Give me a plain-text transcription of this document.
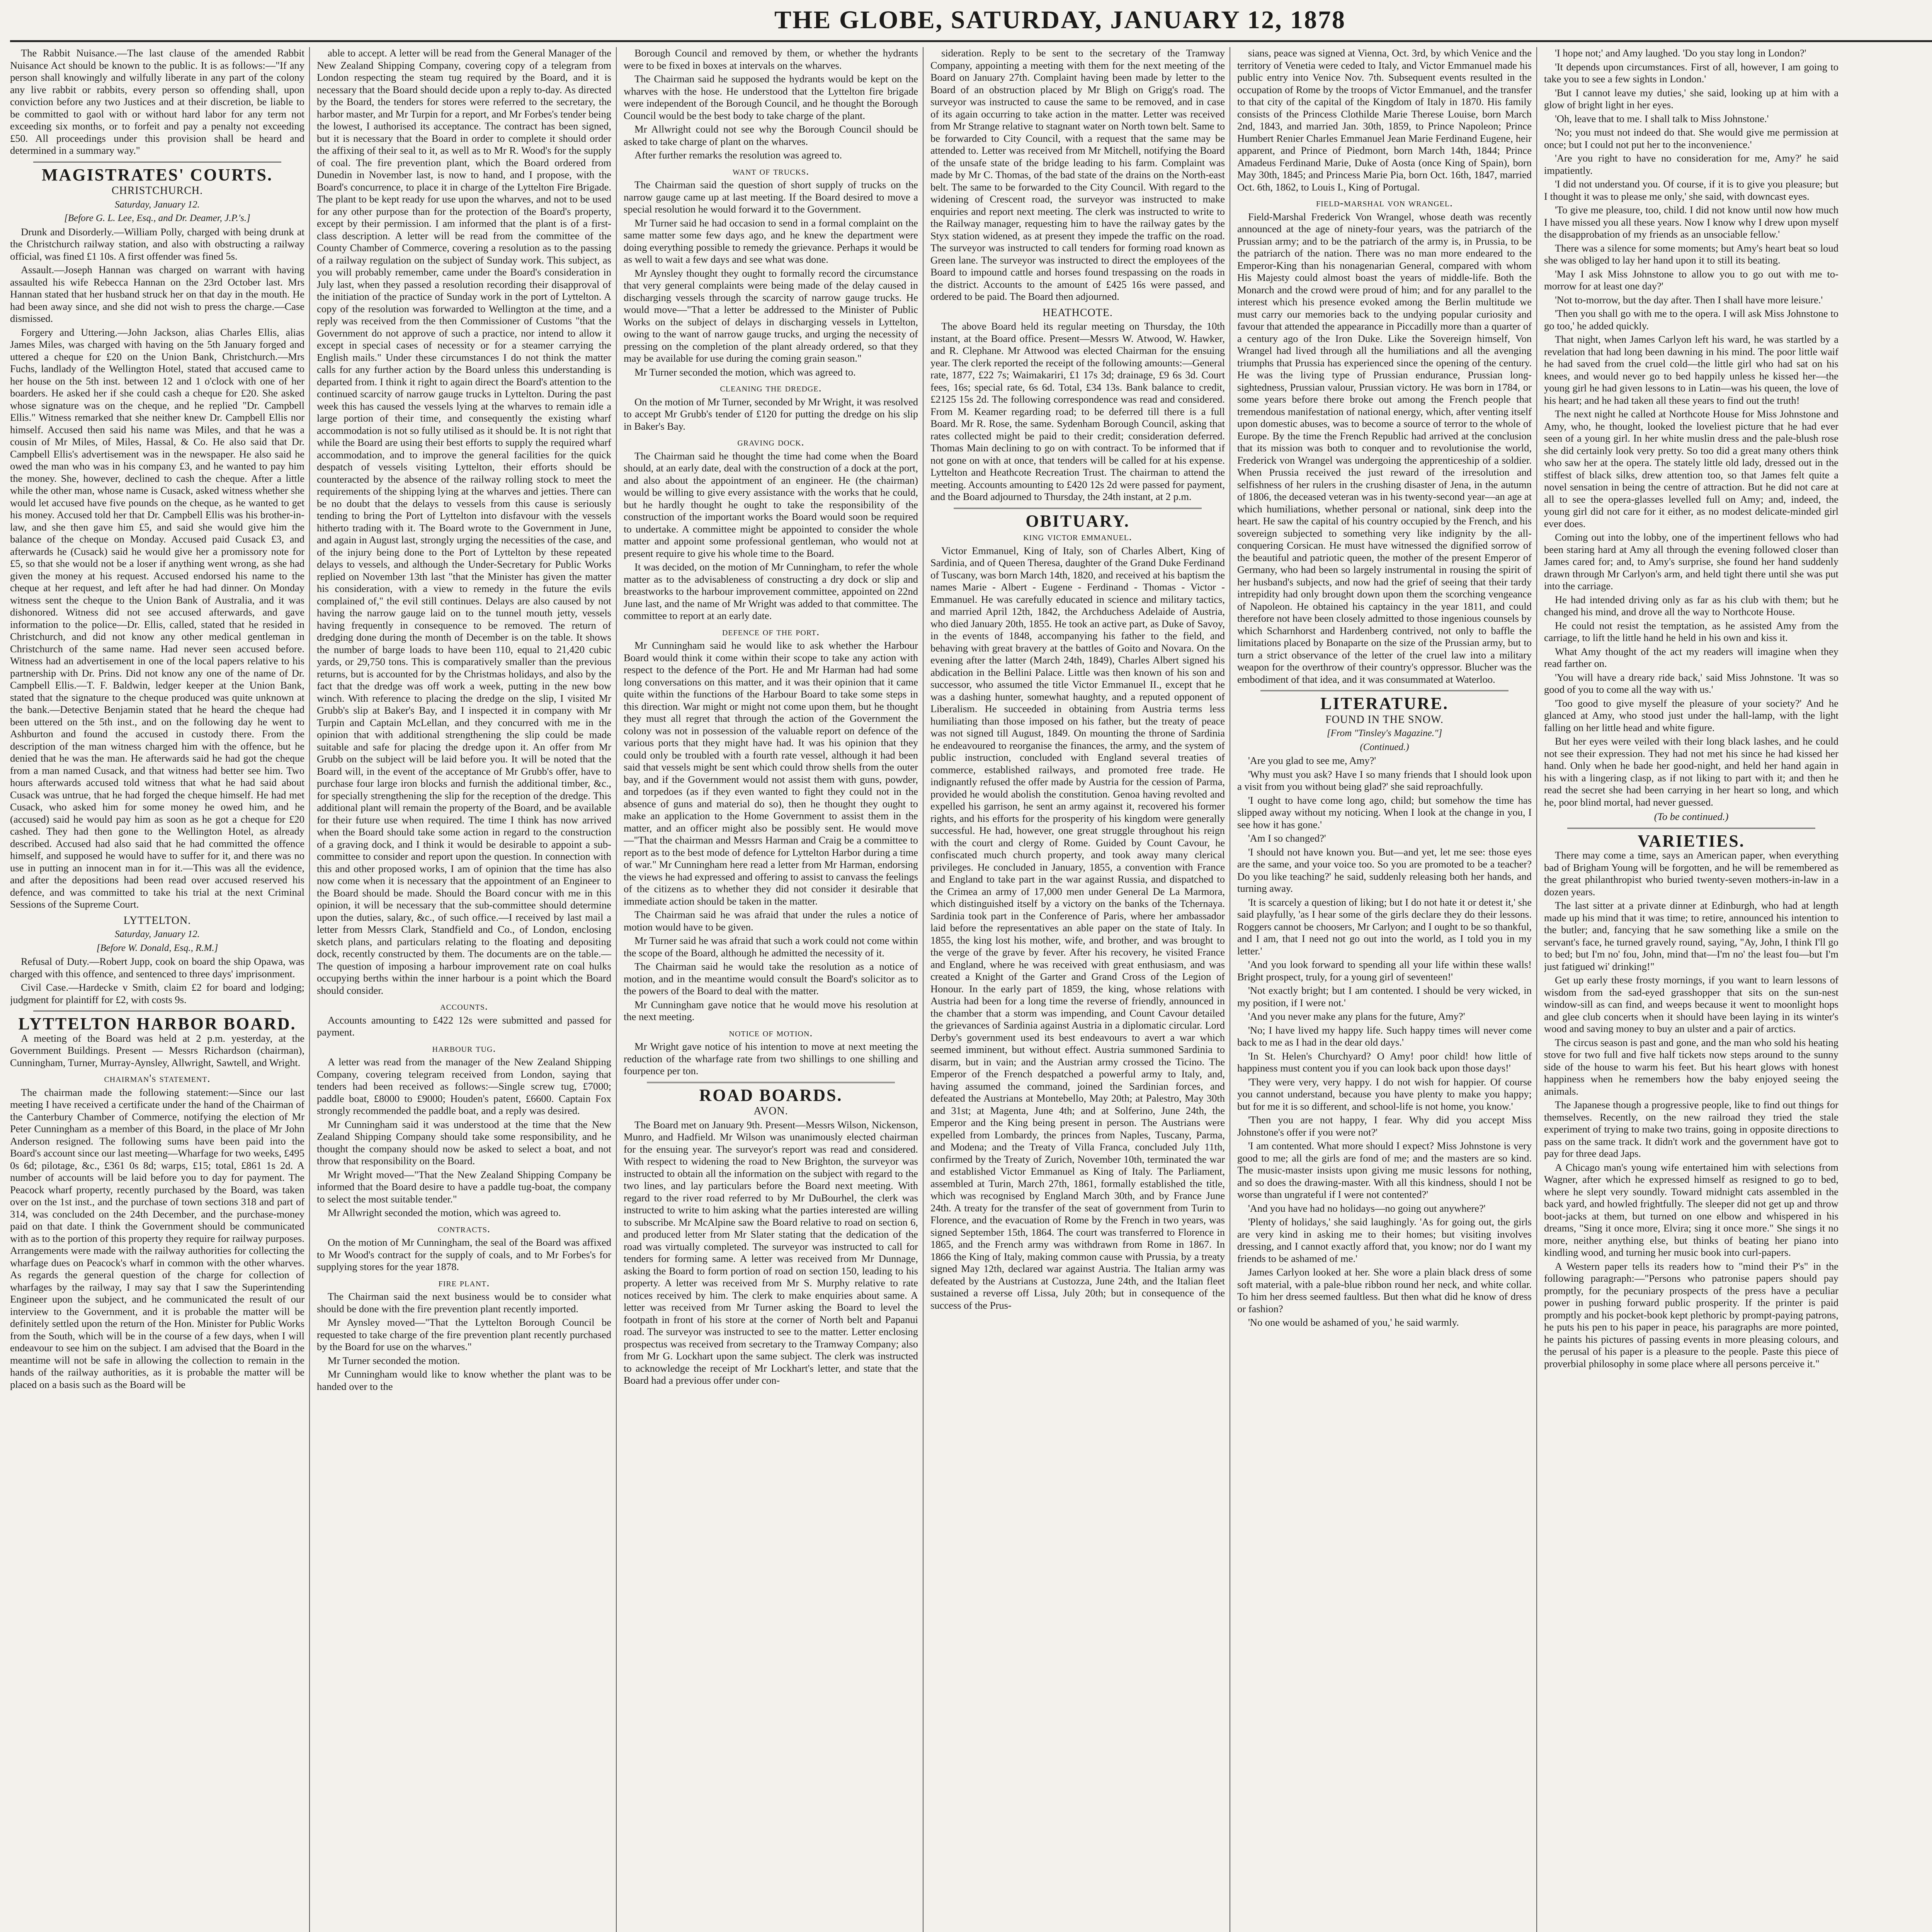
THE GLOBE, SATURDAY, JANUARY 12, 1878

The Rabbit Nuisance.—The last clause of the amended Rabbit Nuisance Act should be known to the public. It is as follows:—"If any person shall knowingly and wilfully liberate in any part of the colony any live rabbit or rabbits, every person so offending shall, upon conviction before any two Justices and at their discretion, be liable to be committed to gaol with or without hard labor for any term not exceeding six months, or to forfeit and pay a penalty not exceeding £50. All proceedings under this provision shall be heard and determined in a summary way."

MAGISTRATES' COURTS.
CHRISTCHURCH.
Saturday, January 12.
[Before G. L. Lee, Esq., and Dr. Deamer, J.P.'s.]

Drunk and Disorderly.—William Polly, charged with being drunk at the Christchurch railway station, and also with obstructing a railway official, was fined £1 10s. A first offender was fined 5s.

Assault.—Joseph Hannan was charged on warrant with having assaulted his wife Rebecca Hannan on the 23rd October last. Mrs Hannan stated that her husband struck her on that day in the mouth. He had been away since, and she did not wish to press the charge.—Case dismissed.

Forgery and Uttering.—John Jackson, alias Charles Ellis, alias James Miles, was charged with having on the 5th January forged and uttered a cheque for £20 on the Union Bank, Christchurch.—Mrs Fuchs, landlady of the Wellington Hotel, stated that accused came to her house on the 5th inst. between 12 and 1 o'clock with one of her boarders. He asked her if she could cash a cheque for £20. She asked whose signature was on the cheque, and he replied "Dr. Campbell Ellis." Witness remarked that she neither knew Dr. Campbell Ellis nor himself. Accused then said his name was Miles, and that he was a cousin of Mr Miles, of Miles, Hassal, & Co. He also said that Dr. Campbell Ellis's advertisement was in the newspaper. He also said he owed the man who was in his company £3, and he wanted to pay him the money. She, however, declined to cash the cheque. After a little while the other man, whose name is Cusack, asked witness whether she would let accused have five pounds on the cheque, as he wanted to get his money. Accused told her that Dr. Campbell Ellis was his brother-in-law, and she then gave him £5, and said she would give him the balance of the cheque on Monday. Accused paid Cusack £3, and afterwards he (Cusack) said he would give her a promissory note for £5, so that she would not be a loser if anything went wrong, as she had given the money at his request. Accused endorsed his name to the cheque at her request, and left after he had had dinner. On Monday witness sent the cheque to the Union Bank of Australia, and it was dishonored. Witness did not see accused afterwards, and gave information to the police—Dr. Ellis, called, stated that he resided in Christchurch, and did not know any other medical gentleman in Christchurch of the same name. Had never seen accused before. Witness had an advertisement in one of the local papers relative to his partnership with Dr. Prins. Did not know any one of the name of Dr. Campbell Ellis.—T. F. Baldwin, ledger keeper at the Union Bank, stated that the signature to the cheque produced was quite unknown at the bank.—Detective Benjamin stated that he heard the cheque had been uttered on the 5th inst., and on the following day he went to Ashburton and found the accused in custody there. From the description of the man witness charged him with the offence, but he denied that he was the man. He afterwards said he had got the cheque from a man named Cusack, and that witness had better see him. Two hours afterwards accused told witness that what he had said about Cusack was untrue, that he had forged the cheque himself. He had met Cusack, who asked him for some money he owed him, and he (accused) said he would pay him as soon as he got a cheque for £20 cashed. They had then gone to the Wellington Hotel, as already described. Accused had also said that he had committed the offence himself, and supposed he would have to suffer for it, and there was no use in putting an innocent man in for it.—This was all the evidence, and after the depositions had been read over accused reserved his defence, and was committed to take his trial at the next Criminal Sessions of the Supreme Court.

LYTTELTON.
Saturday, January 12.
[Before W. Donald, Esq., R.M.]

Refusal of Duty.—Robert Jupp, cook on board the ship Opawa, was charged with this offence, and sentenced to three days' imprisonment.

Civil Case.—Hardecke v Smith, claim £2 for board and lodging; judgment for plaintiff for £2, with costs 9s.

LYTTELTON HARBOR BOARD.

A meeting of the Board was held at 2 p.m. yesterday, at the Government Buildings. Present — Messrs Richardson (chairman), Cunningham, Turner, Murray-Aynsley, Allwright, Sawtell, and Wright.

chairman's statement.

The chairman made the following statement:—Since our last meeting I have received a certificate under the hand of the Chairman of the Canterbury Chamber of Commerce, notifying the election of Mr Peter Cunningham as a member of this Board, in the place of Mr John Anderson resigned. The following sums have been paid into the Board's account since our last meeting—Wharfage for two weeks, £495 0s 6d; pilotage, &c., £361 0s 8d; warps, £15; total, £861 1s 2d. A number of accounts will be laid before you to day for payment. The Peacock wharf property, recently purchased by the Board, was taken over on the 1st inst., and the purchase of town sections 318 and part of 314, was concluded on the 24th December, and the purchase-money paid on that date. I think the Government should be communicated with as to the portion of this property they require for railway purposes. Arrangements were made with the railway authorities for collecting the wharfage dues on Peacock's wharf in common with the other wharves. As regards the general question of the charge for collection of wharfages by the railway, I may say that I saw the Superintending Engineer upon the subject, and he communicated the result of our interview to the Government, and it is probable the matter will be definitely settled upon the return of the Hon. Minister for Public Works from the South, which will be in the course of a few days, when I will endeavour to see him on the subject. I am advised that the Board in the meantime will not be safe in allowing the collection to remain in the hands of the railway authorities, as it is probable the matter will be placed on a basis such as the Board will be

able to accept. A letter will be read from the General Manager of the New Zealand Shipping Company, covering copy of a telegram from London respecting the steam tug required by the Board, and it is necessary that the Board should decide upon a reply to-day. As directed by the Board, the tenders for stores were referred to the secretary, the harbor master, and Mr Turpin for a report, and Mr Forbes's tender being the lowest, I authorised its acceptance. The contract has been signed, but it is necessary that the Board in order to complete it should order the affixing of their seal to it, as well as to Mr R. Wood's for the supply of coal. The fire prevention plant, which the Board ordered from Dunedin in November last, is now to hand, and I propose, with the Board's concurrence, to place it in charge of the Lyttelton Fire Brigade. The plant to be kept ready for use upon the wharves, and not to be used for any other purpose than for the protection of the Board's property, except by their permission. I am informed that the plant is of a first-class description. A letter will be read from the committee of the County Chamber of Commerce, covering a resolution as to the passing of a railway regulation on the subject of Sunday work. This subject, as you will probably remember, came under the Board's consideration in July last, when they passed a resolution recording their disapproval of the initiation of the practice of Sunday work in the port of Lyttelton. A copy of the resolution was forwarded to Wellington at the time, and a reply was received from the then Commissioner of Customs "that the Government do not approve of such a practice, nor intend to allow it except in special cases of necessity or for a steamer carrying the English mails." Under these circumstances I do not think the matter calls for any further action by the Board unless this understanding is departed from. I think it right to again direct the Board's attention to the continued scarcity of narrow gauge trucks in Lyttelton. During the past week this has caused the vessels lying at the wharves to remain idle a large portion of their time, and consequently the existing wharf accommodation is not so fully utilised as it should be. It is not right that while the Board are using their best efforts to supply the required wharf accommodation, and to improve the general facilities for the quick despatch of vessels visiting Lyttelton, their efforts should be counteracted by the absence of the railway rolling stock to meet the requirements of the shipping lying at the wharves and jetties. There can be no doubt that the delays to vessels from this cause is seriously tending to bring the Port of Lyttelton into disfavour with the vessels hitherto trading with it. The Board wrote to the Government in June, and again in August last, strongly urging the necessities of the case, and of the injury being done to the Port of Lyttelton by these repeated delays to vessels, and although the Under-Secretary for Public Works replied on November 13th last "that the Minister has given the matter his consideration, with a view to remedy in the future the evils complained of," the evil still continues. Delays are also caused by not having the narrow gauge laid on to the tunnel mouth jetty, vessels having frequently in consequence to be removed. The return of dredging done during the month of December is on the table. It shows the number of barge loads to have been 110, equal to 21,420 cubic yards, or 29,750 tons. This is comparatively smaller than the previous returns, but is accounted for by the Christmas holidays, and also by the fact that the dredge was off work a week, putting in the new bow winch. With reference to placing the dredge on the slip, I visited Mr Grubb's slip at Baker's Bay, and I inspected it in company with Mr Turpin and Captain McLellan, and they concurred with me in the opinion that with additional strengthening the slip could be made suitable and safe for placing the dredge upon it. An offer from Mr Grubb on the subject will be laid before you. It will be noted that the Board will, in the event of the acceptance of Mr Grubb's offer, have to purchase four large iron blocks and furnish the additional timber, &c., for specially strengthening the slip for the reception of the dredge. This additional plant will remain the property of the Board, and be available for their future use when required. The time I think has now arrived when the Board should take some action in regard to the construction of a graving dock, and I think it would be desirable to appoint a sub-committee to consider and report upon the question. In connection with this and other proposed works, I am of opinion that the time has also now come when it is necessary that the appointment of an Engineer to the Board should be made. Should the Board concur with me in this opinion, it will be necessary that the sub-committee should determine upon the duties, salary, &c., of such office.—I received by last mail a letter from Messrs Clark, Standfield and Co., of London, enclosing sketch plans, and particulars relating to the floating and depositing dock, recently constructed by them. The documents are on the table.—The question of imposing a harbour improvement rate on coal hulks occupying berths within the inner harbour is a point which the Board should consider.

accounts.

Accounts amounting to £422 12s were submitted and passed for payment.

harbour tug.

A letter was read from the manager of the New Zealand Shipping Company, covering telegram received from London, saying that tenders had been received as follows:—Single screw tug, £7000; paddle boat, £8000 to £9000; Houden's patent, £6600. Captain Fox strongly recommended the paddle boat, and a reply was desired.

Mr Cunningham said it was understood at the time that the New Zealand Shipping Company should take some responsibility, and he thought the company should now be asked to select a boat, and not throw that responsibility on the Board.

Mr Wright moved—"That the New Zealand Shipping Company be informed that the Board desire to have a paddle tug-boat, the company to select the most suitable tender."

Mr Allwright seconded the motion, which was agreed to.

contracts.

On the motion of Mr Cunningham, the seal of the Board was affixed to Mr Wood's contract for the supply of coals, and to Mr Forbes's for supplying stores for the year 1878.

fire plant.

The Chairman said the next business would be to consider what should be done with the fire prevention plant recently imported.

Mr Aynsley moved—"That the Lyttelton Borough Council be requested to take charge of the fire prevention plant recently purchased by the Board for use on the wharves."

Mr Turner seconded the motion.

Mr Cunningham would like to know whether the plant was to be handed over to the

Borough Council and removed by them, or whether the hydrants were to be fixed in boxes at intervals on the wharves.

The Chairman said he supposed the hydrants would be kept on the wharves with the hose. He understood that the Lyttelton fire brigade were independent of the Borough Council, and he thought the Borough Council would be the best body to take charge of the plant.

Mr Allwright could not see why the Borough Council should be asked to take charge of plant on the wharves.

After further remarks the resolution was agreed to.

want of trucks.

The Chairman said the question of short supply of trucks on the narrow gauge came up at last meeting. If the Board desired to move a special resolution he would forward it to the Government.

Mr Turner said he had occasion to send in a formal complaint on the same matter some few days ago, and he knew the department were doing everything possible to remedy the grievance. Perhaps it would be as well to wait a few days and see what was done.

Mr Aynsley thought they ought to formally record the circumstance that very general complaints were being made of the delay caused in discharging vessels through the scarcity of narrow gauge trucks. He would move—"That a letter be addressed to the Minister of Public Works on the subject of delays in discharging vessels in Lyttelton, owing to the want of narrow gauge trucks, and urging the necessity of pressing on the completion of the plant already ordered, so that they may be available for use during the coming grain season."

Mr Turner seconded the motion, which was agreed to.

cleaning the dredge.

On the motion of Mr Turner, seconded by Mr Wright, it was resolved to accept Mr Grubb's tender of £120 for putting the dredge on his slip in Baker's Bay.

graving dock.

The Chairman said he thought the time had come when the Board should, at an early date, deal with the construction of a dock at the port, and also about the appointment of an engineer. He (the chairman) would be willing to give every assistance with the works that he could, but he hardly thought he ought to take the responsibility of the construction of the important works the Board would soon be required to undertake. A committee might be appointed to consider the whole matter and appoint some professional gentleman, who would not at present require to give his whole time to the Board.

It was decided, on the motion of Mr Cunningham, to refer the whole matter as to the advisableness of constructing a dry dock or slip and breastworks to the harbour improvement committee, appointed on 22nd June last, and the name of Mr Wright was added to that committee. The committee to report at an early date.

defence of the port.

Mr Cunningham said he would like to ask whether the Harbour Board would think it come within their scope to take any action with respect to the defence of the Port. He and Mr Harman had had some long conversations on this matter, and it was their opinion that it came quite within the functions of the Harbour Board to take some steps in this direction. War might or might not come upon them, but he thought they must all regret that through the action of the Government the colony was not in possession of the valuable report on defence of the various ports that they might have had. It was his opinion that they could only be troubled with a fourth rate vessel, although it had been said that vessels might be sent which could throw shells from the outer bay, and if the Government would not assist them with guns, powder, and torpedoes (as if they even wanted to fight they could not in the absence of guns and material do so), then he thought they ought to make an application to the Home Government to assist them in the matter, and an officer might also be possibly sent. He would move—"That the chairman and Messrs Harman and Craig be a committee to report as to the best mode of defence for Lyttelton Harbor during a time of war." Mr Cunningham here read a letter from Mr Harman, endorsing the views he had expressed and offering to assist to canvass the feelings of the citizens as to whether they did not consider it desirable that immediate action should be taken in the matter.

The Chairman said he was afraid that under the rules a notice of motion would have to be given.

Mr Turner said he was afraid that such a work could not come within the scope of the Board, although he admitted the necessity of it.

The Chairman said he would take the resolution as a notice of motion, and in the meantime would consult the Board's solicitor as to the powers of the Board to deal with the matter.

Mr Cunningham gave notice that he would move his resolution at the next meeting.

notice of motion.

Mr Wright gave notice of his intention to move at next meeting the reduction of the wharfage rate from two shillings to one shilling and fourpence per ton.

ROAD BOARDS.
AVON.

The Board met on January 9th. Present—Messrs Wilson, Nickenson, Munro, and Hadfield. Mr Wilson was unanimously elected chairman for the ensuing year. The surveyor's report was read and considered. With respect to widening the road to New Brighton, the surveyor was instructed to obtain all the information on the subject with regard to the two lines, and lay particulars before the Board next meeting. With regard to the river road referred to by Mr DuBourhel, the clerk was instructed to write to him asking what the parties interested are willing to subscribe. Mr McAlpine saw the Board relative to road on section 6, and produced letter from Mr Slater stating that the dedication of the road was virtually completed. The surveyor was instructed to call for tenders for forming same. A letter was received from Mr Dunnage, asking the Board to form portion of road on section 150, leading to his property. A letter was received from Mr S. Murphy relative to rate notices received by him. The clerk to make enquiries about same. A letter was received from Mr Turner asking the Board to level the footpath in front of his store at the corner of North belt and Papanui road. The surveyor was instructed to see to the matter. Letter enclosing prospectus was received from secretary to the Tramway Company; also from Mr G. Lockhart upon the same subject. The clerk was instructed to acknowledge the receipt of Mr Lockhart's letter, and state that the Board had a previous offer under con-

sideration. Reply to be sent to the secretary of the Tramway Company, appointing a meeting with them for the next meeting of the Board on January 27th. Complaint having been made by letter to the Board of an obstruction placed by Mr Bligh on Grigg's road. The surveyor was instructed to cause the same to be removed, and in case of its again occurring to take action in the matter. Letter was received from Mr Strange relative to stagnant water on North town belt. Same to be forwarded to City Council, with a request that the same may be attended to. Letter was received from Mr Mitchell, notifying the Board of the unsafe state of the bridge leading to his farm. Complaint was made by Mr C. Thomas, of the bad state of the drains on the North-east belt. The same to be forwarded to the City Council. With regard to the widening of Crescent road, the surveyor was instructed to make enquiries and report next meeting. The clerk was instructed to write to the Railway manager, requesting him to have the railway gates by the Styx station widened, as at present they impede the traffic on the road. The surveyor was instructed to call tenders for forming road known as Green lane. The surveyor was instructed to direct the employees of the Board to impound cattle and horses found trespassing on the roads in the district. Accounts to the amount of £425 16s were passed, and ordered to be paid. The Board then adjourned.

HEATHCOTE.

The above Board held its regular meeting on Thursday, the 10th instant, at the Board office. Present—Messrs W. Atwood, W. Hawker, and R. Clephane. Mr Attwood was elected Chairman for the ensuing year. The clerk reported the receipt of the following amounts:—General rate, 1877, £22 7s; Waimakariri, £1 17s 3d; drainage, £9 6s 3d. Court fees, 16s; special rate, 6s 6d. Total, £34 13s. Bank balance to credit, £2125 15s 2d. The following correspondence was read and considered. From M. Keamer regarding road; to be deferred till there is a full Board. Mr R. Rose, the same. Sydenham Borough Council, asking that rates collected might be paid to their credit; consideration deferred. Thomas Main declining to go on with contract. To be informed that if not gone on with at once, that tenders will be called for at his expense. Lyttelton and Heathcote Recreation Trust. The chairman to attend the meeting. Accounts amounting to £420 12s 2d were passed for payment, and the Board adjourned to Thursday, the 24th instant, at 2 p.m.

OBITUARY.
king victor emmanuel.

Victor Emmanuel, King of Italy, son of Charles Albert, King of Sardinia, and of Queen Theresa, daughter of the Grand Duke Ferdinand of Tuscany, was born March 14th, 1820, and received at his baptism the names Marie - Albert - Eugene - Ferdinand - Thomas - Victor - Emmanuel. He was carefully educated in science and military tactics, and married April 12th, 1842, the Archduchess Adelaide of Austria, who died January 20th, 1855. He took an active part, as Duke of Savoy, in the events of 1848, accompanying his father to the field, and behaving with great bravery at the battles of Goito and Novara. On the evening after the latter (March 24th, 1849), Charles Albert signed his abdication in the Bellini Palace. Little was then known of his son and successor, who assumed the title Victor Emmanuel II., except that he was a dashing hunter, somewhat haughty, and a reputed opponent of Liberalism. He succeeded in obtaining from Austria terms less humiliating than those imposed on his father, but the treaty of peace was not signed till August, 1849. On mounting the throne of Sardinia he endeavoured to reorganise the finances, the army, and the system of public instruction, concluded with England several treaties of commerce, established railways, and promoted free trade. He indignantly refused the offer made by Austria for the cession of Parma, provided he would abolish the constitution. Genoa having revolted and expelled his garrison, he sent an army against it, recovered his former rights, and his efforts for the prosperity of his kingdom were generally successful. He had, however, one great struggle throughout his reign with the court and clergy of Rome. Guided by Count Cavour, he confiscated much church property, and took away many clerical privileges. He concluded in January, 1855, a convention with France and England to take part in the war against Russia, and dispatched to the Crimea an army of 17,000 men under General De La Marmora, which distinguished itself by a victory on the banks of the Tchernaya. Sardinia took part in the Conference of Paris, where her ambassador laid before the representatives an able paper on the state of Italy. In 1855, the king lost his mother, wife, and brother, and was brought to the verge of the grave by fever. After his recovery, he visited France and England, where he was received with great enthusiasm, and was created a Knight of the Garter and Grand Cross of the Legion of Honour. In the early part of 1859, the king, whose relations with Austria had been for a long time the reverse of friendly, announced in the chamber that a storm was impending, and Count Cavour detailed the grievances of Sardinia against Austria in a diplomatic circular. Lord Derby's government used its best endeavours to avert a war which seemed imminent, but without effect. Austria summoned Sardinia to disarm, but in vain; and the Austrian army crossed the Ticino. The Emperor of the French despatched a powerful army to Italy, and, having assumed the command, joined the Sardinian forces, and defeated the Austrians at Montebello, May 20th; at Palestro, May 30th and 31st; at Magenta, June 4th; and at Solferino, June 24th, the Emperor and the King being present in person. The Austrians were expelled from Lombardy, the princes from Naples, Tuscany, Parma, and Modena; and the Treaty of Villa Franca, concluded July 11th, confirmed by the Treaty of Zurich, November 10th, terminated the war and established Victor Emmanuel as King of Italy. The Parliament, assembled at Turin, March 27th, 1861, formally established the title, which was recognised by England March 30th, and by France June 24th. A treaty for the transfer of the seat of government from Turin to Florence, and the evacuation of Rome by the French in two years, was signed September 15th, 1864. The court was transferred to Florence in 1865, and the French army was withdrawn from Rome in 1867. In 1866 the King of Italy, making common cause with Prussia, by a treaty signed May 12th, declared war against Austria. The Italian army was defeated by the Austrians at Custozza, June 24th, and the Italian fleet sustained a reverse off Lissa, July 20th; but in consequence of the success of the Prus-

sians, peace was signed at Vienna, Oct. 3rd, by which Venice and the territory of Venetia were ceded to Italy, and Victor Emmanuel made his public entry into Venice Nov. 7th. Subsequent events resulted in the occupation of Rome by the troops of Victor Emmanuel, and the transfer to that city of the capital of the Kingdom of Italy in 1870. His family consists of the Princess Clothilde Marie Therese Louise, born March 2nd, 1843, and married Jan. 30th, 1859, to Prince Napoleon; Prince Humbert Renier Charles Emmanuel Jean Marie Ferdinand Eugene, heir apparent, and Prince of Piedmont, born March 14th, 1844; Prince Amadeus Ferdinand Marie, Duke of Aosta (once King of Spain), born May 30th, 1845; and Princess Marie Pia, born Oct. 16th, 1847, married Oct. 6th, 1862, to Louis I., King of Portugal.

field-marshal von wrangel.

Field-Marshal Frederick Von Wrangel, whose death was recently announced at the age of ninety-four years, was the patriarch of the Prussian army; and to be the patriarch of the army is, in Prussia, to be the patriarch of the nation. There was no man more endeared to the Emperor-King than his nonagenarian General, compared with whom His Majesty could almost boast the years of middle-life. Both the Monarch and the crowd were proud of him; and for any parallel to the interest which his presence evoked among the Berlin multitude we must carry our memories back to the undying popular curiosity and favour that attended the appearance in Piccadilly more than a quarter of a century ago of the Iron Duke. Like the Sovereign himself, Von Wrangel had lived through all the humiliations and all the avenging triumphs that Prussia has experienced since the opening of the century. He was the living type of Prussian endurance, Prussian long-sightedness, Prussian valour, Prussian victory. He was born in 1784, or some years before there broke out among the French people that tremendous manifestation of national energy, which, after venting itself upon domestic abuses, was to become a source of terror to the whole of Europe. By the time the French Republic had arrived at the conclusion that its mission was both to conquer and to revolutionise the world, Frederick von Wrangel was undergoing the apprenticeship of a soldier. When Prussia received the just reward of the irresolution and selfishness of her rulers in the crushing disaster of Jena, in the autumn of 1806, the deceased veteran was in his twenty-second year—an age at which humiliations, whether personal or national, sink deep into the heart. He saw the capital of his country occupied by the French, and his sovereign subjected to something very like indignity by the all-conquering Corsican. He must have witnessed the dignified sorrow of the beautiful and patriotic queen, the mother of the present Emperor of Germany, who had been so largely instrumental in rousing the spirit of her husband's subjects, and now had the grief of seeing that their tardy intrepidity had only brought down upon them the scorching vengeance of Napoleon. He obtained his captaincy in the year 1811, and could therefore not have been closely admitted to those ingenious counsels by which Scharnhorst and Hardenberg contrived, not only to baffle the limitations placed by Bonaparte on the size of the Prussian army, but to turn a strict observance of the letter of the cruel law into a military weapon for the overthrow of their country's oppressor. Blucher was the embodiment of that idea, and it was consummated at Waterloo.

LITERATURE.
FOUND IN THE SNOW.
[From "Tinsley's Magazine."]
(Continued.)

'Are you glad to see me, Amy?'

'Why must you ask? Have I so many friends that I should look upon a visit from you without being glad?' she said reproachfully.

'I ought to have come long ago, child; but somehow the time has slipped away without my noticing. When I look at the change in you, I see how it has gone.'

'Am I so changed?'

'I should not have known you. But—and yet, let me see: those eyes are the same, and your voice too. So you are promoted to be a teacher? Do you like teaching?' he said, suddenly releasing both her hands, and turning away.

'It is scarcely a question of liking; but I do not hate it or detest it,' she said playfully, 'as I hear some of the girls declare they do their lessons. Roggers cannot be choosers, Mr Carlyon; and I ought to be so thankful, and I am, that I need not go out into the world, as I told you in my letter.'

'And you look forward to spending all your life within these walls! Bright prospect, truly, for a young girl of seventeen!'

'Not exactly bright; but I am contented. I should be very wicked, in my position, if I were not.'

'And you never make any plans for the future, Amy?'

'No; I have lived my happy life. Such happy times will never come back to me as I had in the dear old days.'

'In St. Helen's Churchyard? O Amy! poor child! how little of happiness must content you if you can look back upon those days!'

'They were very, very happy. I do not wish for happier. Of course you cannot understand, because you have plenty to make you happy; but for me it is so different, and school-life is not home, you know.'

'Then you are not happy, I fear. Why did you accept Miss Johnstone's offer if you were not?'

'I am contented. What more should I expect? Miss Johnstone is very good to me; all the girls are fond of me; and the masters are so kind. The music-master insists upon giving me music lessons for nothing, and so does the drawing-master. With all this kindness, should I not be worse than ungrateful if I were not contented?'

'And you have had no holidays—no going out anywhere?'

'Plenty of holidays,' she said laughingly. 'As for going out, the girls are very kind in asking me to their homes; but visiting involves dressing, and I cannot exactly afford that, you know; nor do I want my friends to be ashamed of me.'

James Carlyon looked at her. She wore a plain black dress of some soft material, with a pale-blue ribbon round her neck, and white collar. To him her dress seemed faultless. But then what did he know of dress or fashion?

'No one would be ashamed of you,' he said warmly.

'I hope not;' and Amy laughed. 'Do you stay long in London?'

'It depends upon circumstances. First of all, however, I am going to take you to see a few sights in London.'

'But I cannot leave my duties,' she said, looking up at him with a glow of bright light in her eyes.

'Oh, leave that to me. I shall talk to Miss Johnstone.'

'No; you must not indeed do that. She would give me permission at once; but I could not put her to the inconvenience.'

'Are you right to have no consideration for me, Amy?' he said impatiently.

'I did not understand you. Of course, if it is to give you pleasure; but I thought it was to please me only,' she said, with downcast eyes.

'To give me pleasure, too, child. I did not know until now how much I have missed you all these years. Now I know why I drew upon myself the disapprobation of my friends as an unsociable fellow.'

There was a silence for some moments; but Amy's heart beat so loud she was obliged to lay her hand upon it to still its beating.

'May I ask Miss Johnstone to allow you to go out with me to-morrow for at least one day?'

'Not to-morrow, but the day after. Then I shall have more leisure.'

'Then you shall go with me to the opera. I will ask Miss Johnstone to go too,' he added quickly.

That night, when James Carlyon left his ward, he was startled by a revelation that had long been dawning in his mind. The poor little waif he had saved from the cruel cold—the little girl who had sat on his knees, and would never go to bed happily unless he kissed her—the young girl he had given lessons to in Latin—was his queen, the love of his heart; and he had taken all these years to find out the truth!

The next night he called at Northcote House for Miss Johnstone and Amy, who, he thought, looked the loveliest picture that he had ever seen of a young girl. In her white muslin dress and the pale-blush rose she did certainly look very pretty. So too did a great many others think who saw her at the opera. The stately little old lady, dressed out in the stiffest of black silks, drew attention too, so that James felt quite a novel sensation in being the centre of attraction. But he did not care at all to see the opera-glasses levelled full on Amy; and, indeed, the young girl did not care for it either, as no modest delicate-minded girl ever does.

Coming out into the lobby, one of the impertinent fellows who had been staring hard at Amy all through the evening followed closer than James cared for; and, to Amy's surprise, she found her hand suddenly drawn through Mr Carlyon's arm, and held tight there until she was put into the carriage.

He had intended driving only as far as his club with them; but he changed his mind, and drove all the way to Northcote House.

He could not resist the temptation, as he assisted Amy from the carriage, to lift the little hand he held in his own and kiss it.

What Amy thought of the act my readers will imagine when they read farther on.

'You will have a dreary ride back,' said Miss Johnstone. 'It was so good of you to come all the way with us.'

'Too good to give myself the pleasure of your society?' And he glanced at Amy, who stood just under the hall-lamp, with the light falling on her little head and white figure.

But her eyes were veiled with their long black lashes, and he could not see their expression. They had not met his since he had kissed her hand. Only when he bade her good-night, and held her hand again in his with a lingering clasp, as if not liking to part with it; and then he read the secret she had been carrying in her heart so long, and which he, poor blind mortal, had never guessed.

(To be continued.)
VARIETIES.

There may come a time, says an American paper, when everything bad of Brigham Young will be forgotten, and he will be remembered as the great philanthropist who buried twenty-seven mothers-in-law in a dozen years.

The last sitter at a private dinner at Edinburgh, who had at length made up his mind that it was time; to retire, announced his intention to the butler; and, fancying that he saw something like a smile on the servant's face, he turned gravely round, saying, "Ay, John, I think I'll go to bed; but I'm no' fou, John, mind that—I'm no' the least fou—but I'm just fatigued wi' drinking!"

Get up early these frosty mornings, if you want to learn lessons of wisdom from the sad-eyed grasshopper that sits on the sun-nest window-sill as can find, and weeps because it went to moonlight hops and glee club concerts when it should have been laying in its winter's wood and saving money to buy an ulster and a pair of arctics.

The circus season is past and gone, and the man who sold his heating stove for two full and five half tickets now steps around to the sunny side of the house to warm his feet. But his heart glows with honest happiness when he remembers how the baby enjoyed seeing the animals.

The Japanese though a progressive people, like to find out things for themselves. Recently, on the new railroad they tried the stale experiment of trying to make two trains, going in opposite directions to pass on the same track. It didn't work and the government have got to pay for three dead Japs.

A Chicago man's young wife entertained him with selections from Wagner, after which he expressed himself as resigned to go to bed, where he slept very soundly. Toward midnight cats assembled in the back yard, and howled frightfully. The sleeper did not get up and throw boot-jacks at them, but turned on one elbow and whispered in his dreams, "Sing it once more, Elvira; sing it once more." She sings it no more, neither anything else, but thinks of beating her piano into kindling wood, and turning her music book into curl-papers.

A Western paper tells its readers how to "mind their P's" in the following paragraph:—"Persons who patronise papers should pay promptly, for the pecuniary prospects of the press have a peculiar power in pushing forward public prosperity. If the printer is paid promptly and his pocket-book kept plethoric by prompt-paying patrons, he puts his pen to his paper in peace, his paragraphs are more pointed, he paints his pictures of passing events in more pleasing colours, and the perusal of his paper is a pleasure to the people. Paste this piece of proverbial philosophy in some place where all persons perceive it."
